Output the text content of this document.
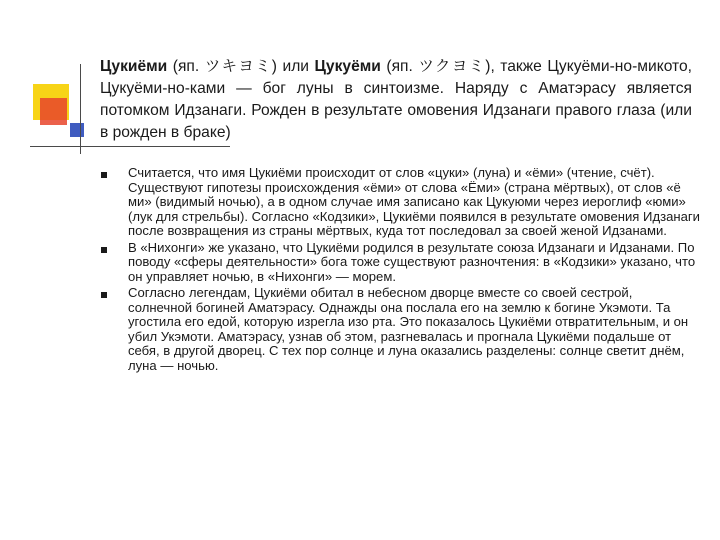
Цукиёми (яп. ツキヨミ) или Цукуёми (яп. ツクヨミ), также Цукуёми-но-микото, Цукуёми-но-ками — бог луны в синтоизме. Наряду с Аматэрасу является потомком Идзанаги. Рожден в результате омовения Идзанаги правого глаза (или в рожден в браке)
Считается, что имя Цукиёми происходит от слов «цуки» (луна) и «ёми» (чтение, счёт). Существуют гипотезы происхождения «ёми» от слова «Ёми» (страна мёртвых), от слов «ё ми» (видимый ночью), а в одном случае имя записано как Цукуюми через иероглиф «юми» (лук для стрельбы). Согласно «Кодзики», Цукиёми появился в результате омовения Идзанаги после возвращения из страны мёртвых, куда тот последовал за своей женой Идзанами.
В «Нихонги» же указано, что Цукиёми родился в результате союза Идзанаги и Идзанами. По поводу «сферы деятельности» бога тоже существуют разночтения: в «Кодзики» указано, что он управляет ночью, в «Нихонги» — морем.
Согласно легендам, Цукиёми обитал в небесном дворце вместе со своей сестрой, солнечной богиней Аматэрасу. Однажды она послала его на землю к богине Укэмоти. Та угостила его едой, которую изрегла изо рта. Это показалось Цукиёми отвратительным, и он убил Укэмоти. Аматэрасу, узнав об этом, разгневалась и прогнала Цукиёми подальше от себя, в другой дворец. С тех пор солнце и луна оказались разделены: солнце светит днём, луна — ночью.
